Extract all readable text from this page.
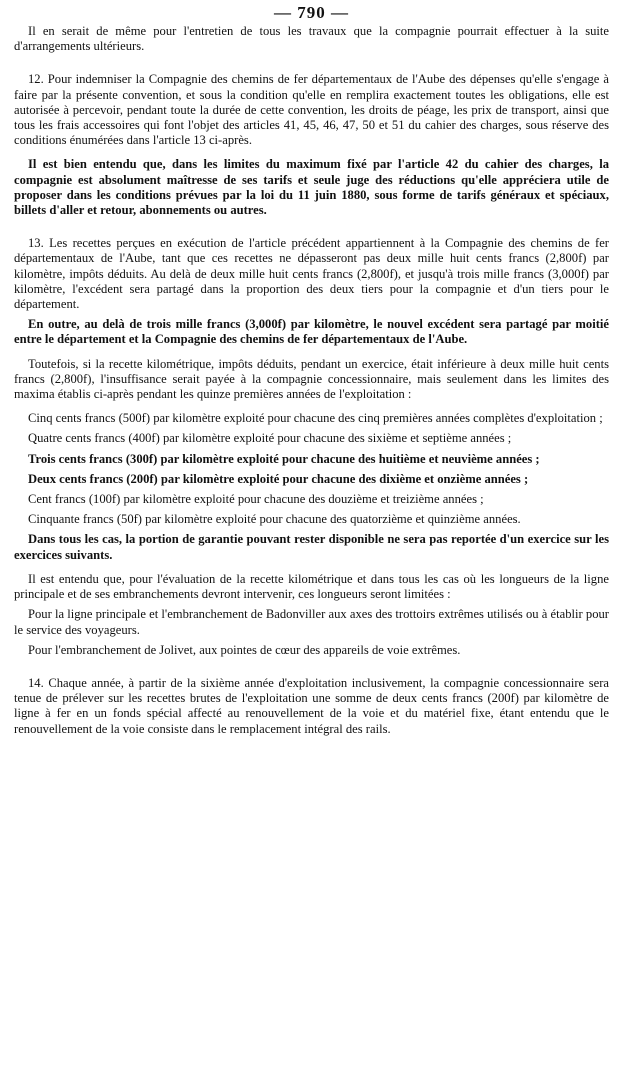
— 790 —

Il en serait de même pour l'entretien de tous les travaux que la compagnie pourrait effectuer à la suite d'arrangements ultérieurs.

12. Pour indemniser la Compagnie des chemins de fer départementaux de l'Aube des dépenses qu'elle s'engage à faire par la présente convention, et sous la condition qu'elle en remplira exactement toutes les obligations, elle est autorisée à percevoir, pendant toute la durée de cette convention, les droits de péage, les prix de transport, ainsi que tous les frais accessoires qui font l'objet des articles 41, 45, 46, 47, 50 et 51 du cahier des charges, sous réserve des conditions énumérées dans l'article 13 ci-après.

Il est bien entendu que, dans les limites du maximum fixé par l'article 42 du cahier des charges, la compagnie est absolument maîtresse de ses tarifs et seule juge des réductions qu'elle appréciera utile de proposer dans les conditions prévues par la loi du 11 juin 1880, sous forme de tarifs généraux et spéciaux, billets d'aller et retour, abonnements ou autres.

13. Les recettes perçues en exécution de l'article précédent appartiennent à la Compagnie des chemins de fer départementaux de l'Aube, tant que ces recettes ne dépasseront pas deux mille huit cents francs (2,800f) par kilomètre, impôts déduits. Au delà de deux mille huit cents francs (2,800f), et jusqu'à trois mille francs (3,000f) par kilomètre, l'excédent sera partagé dans la proportion des deux tiers pour la compagnie et d'un tiers pour le département.

En outre, au delà de trois mille francs (3,000f) par kilomètre, le nouvel excédent sera partagé par moitié entre le département et la Compagnie des chemins de fer départementaux de l'Aube.

Toutefois, si la recette kilométrique, impôts déduits, pendant un exercice, était inférieure à deux mille huit cents francs (2,800f), l'insuffisance serait payée à la compagnie concessionnaire, mais seulement dans les limites des maxima établis ci-après pendant les quinze premières années de l'exploitation :

Cinq cents francs (500f) par kilomètre exploité pour chacune des cinq premières années complètes d'exploitation ;

Quatre cents francs (400f) par kilomètre exploité pour chacune des sixième et septième années ;

Trois cents francs (300f) par kilomètre exploité pour chacune des huitième et neuvième années ;

Deux cents francs (200f) par kilomètre exploité pour chacune des dixième et onzième années ;

Cent francs (100f) par kilomètre exploité pour chacune des douzième et treizième années ;

Cinquante francs (50f) par kilomètre exploité pour chacune des quatorzième et quinzième années.

Dans tous les cas, la portion de garantie pouvant rester disponible ne sera pas reportée d'un exercice sur les exercices suivants.

Il est entendu que, pour l'évaluation de la recette kilométrique et dans tous les cas où les longueurs de la ligne principale et de ses embranchements devront intervenir, ces longueurs seront limitées :

Pour la ligne principale et l'embranchement de Badonviller aux axes des trottoirs extrêmes utilisés ou à établir pour le service des voyageurs.

Pour l'embranchement de Jolivet, aux pointes de cœur des appareils de voie extrêmes.

14. Chaque année, à partir de la sixième année d'exploitation inclusivement, la compagnie concessionnaire sera tenue de prélever sur les recettes brutes de l'exploitation une somme de deux cents francs (200f) par kilomètre de ligne à fer en un fonds spécial affecté au renouvellement de la voie et du matériel fixe, étant entendu que le renouvellement de la voie consiste dans le remplacement intégral des rails.
